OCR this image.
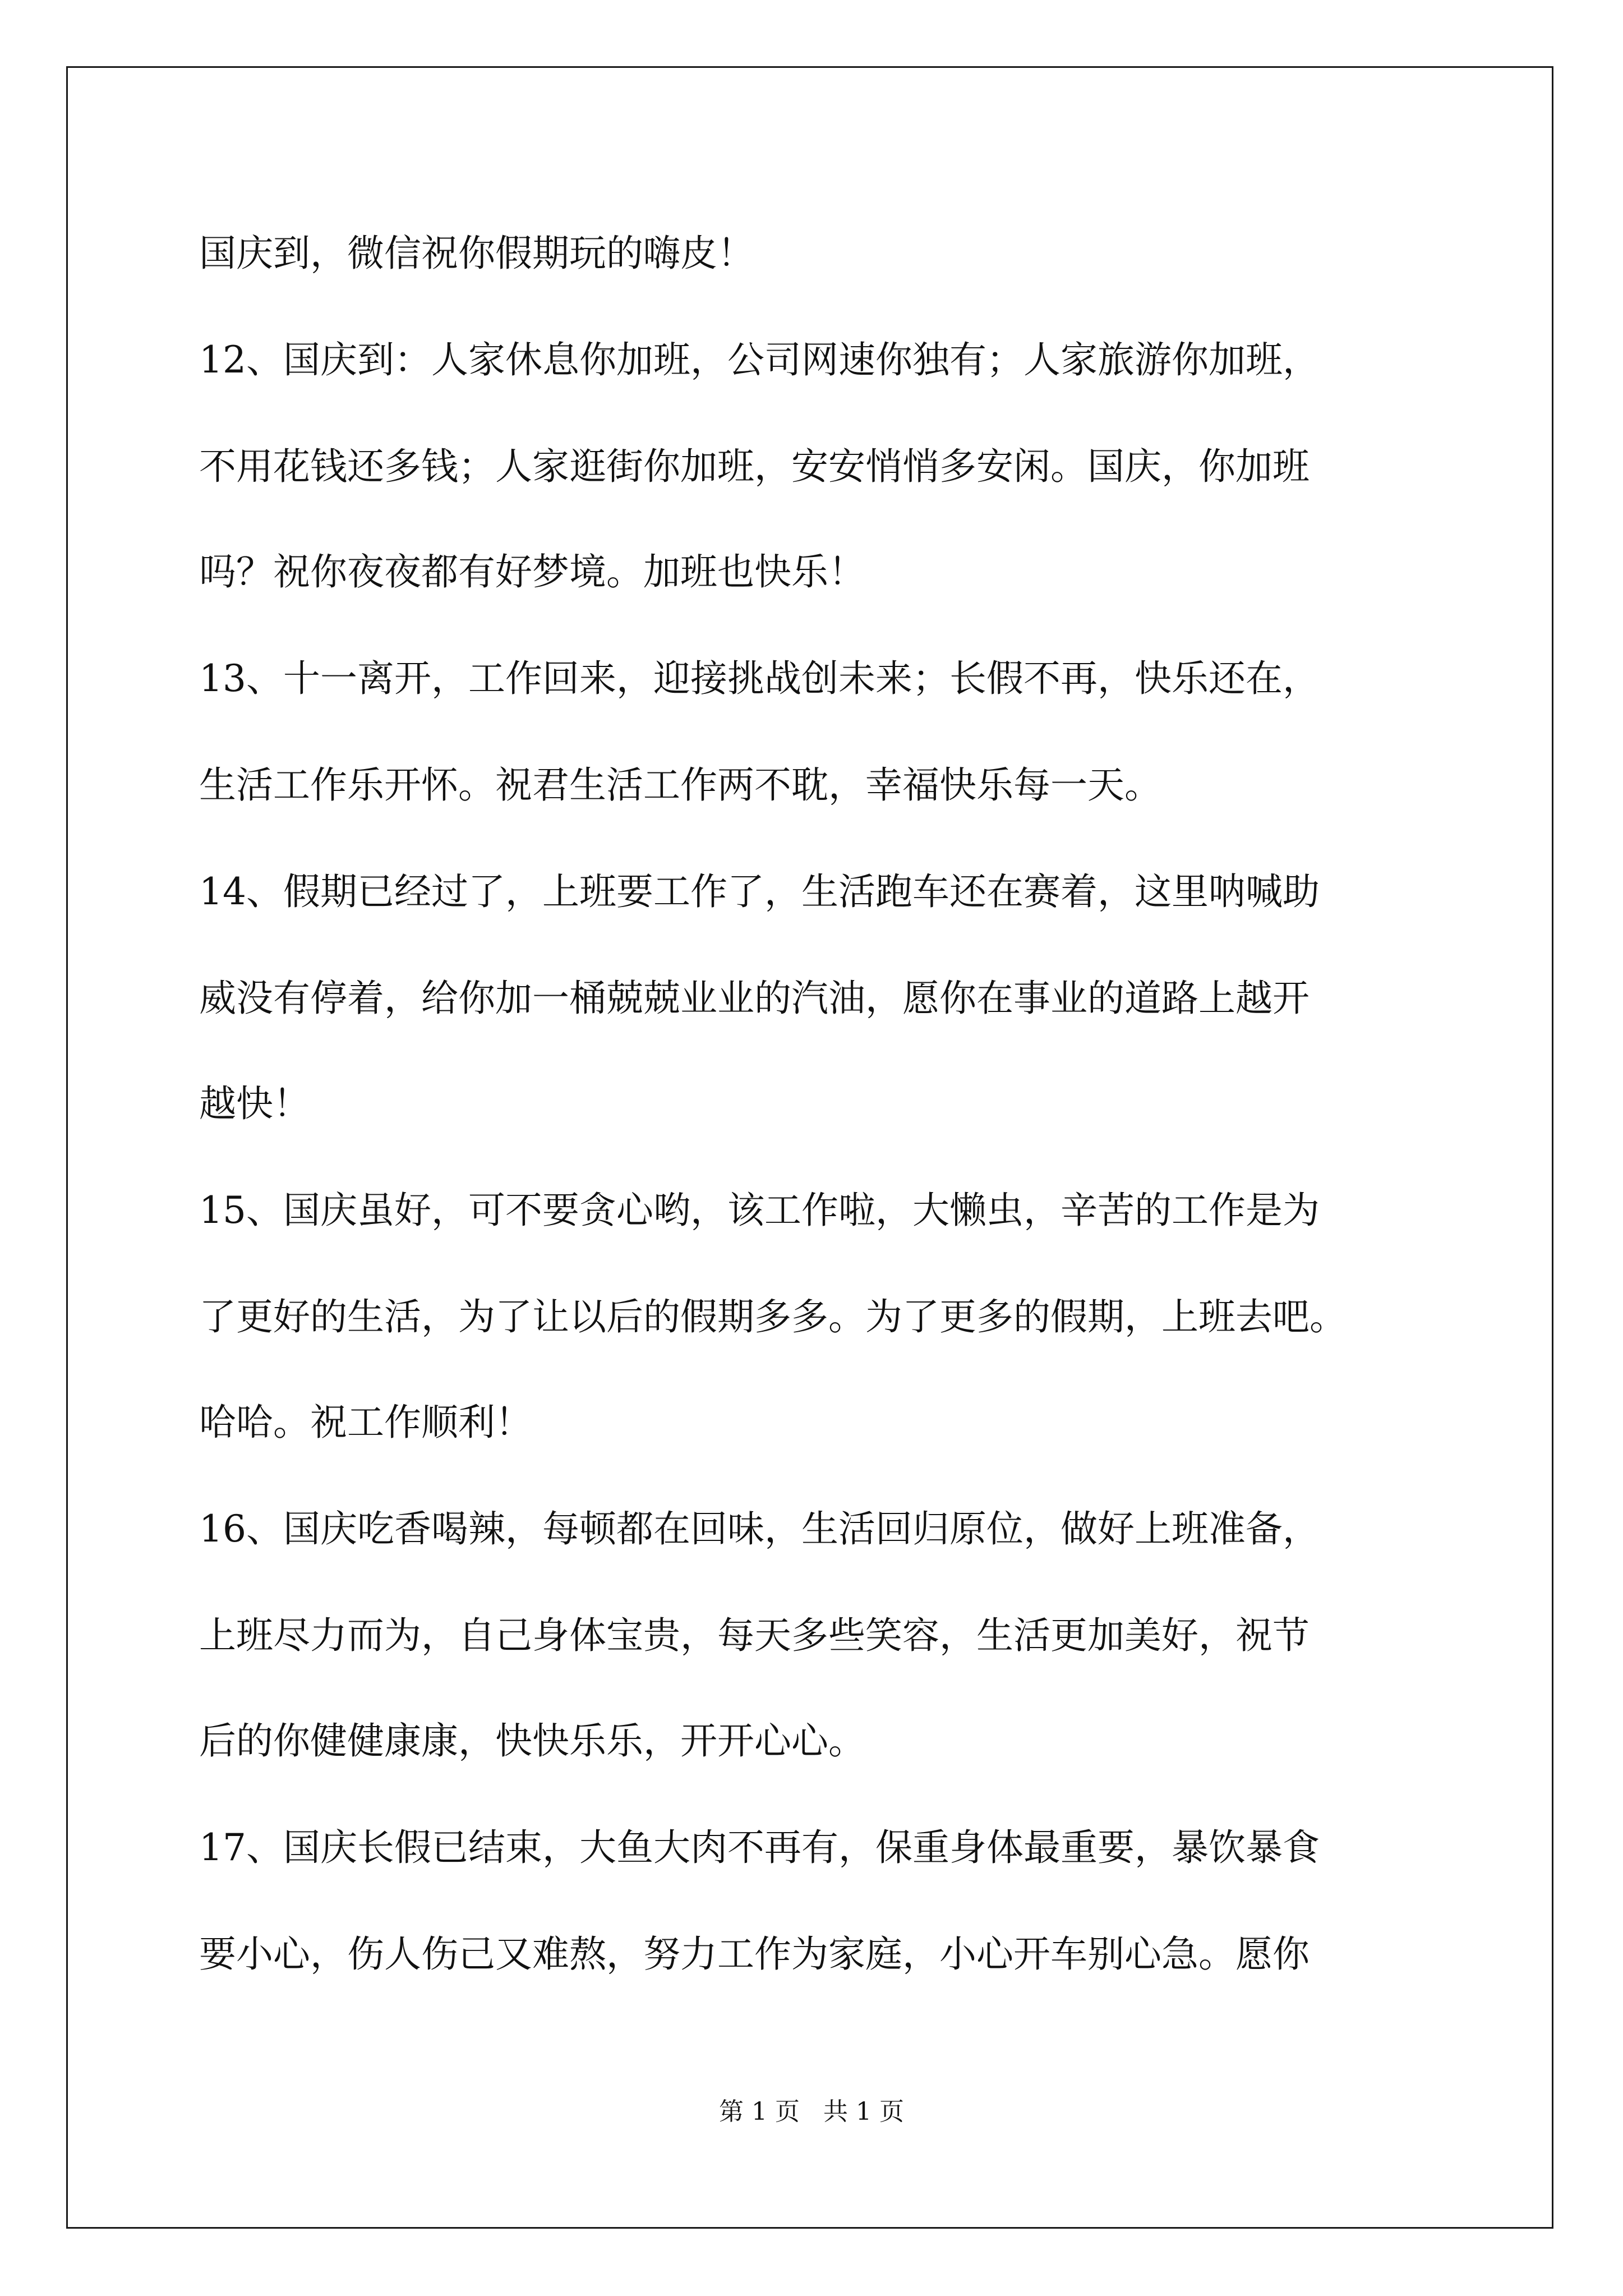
国庆到，微信祝你假期玩的嗨皮！

12、国庆到：人家休息你加班，公司网速你独有；人家旅游你加班，

不用花钱还多钱；人家逛街你加班，安安悄悄多安闲。国庆，你加班

吗？祝你夜夜都有好梦境。加班也快乐！

13、十一离开，工作回来，迎接挑战创未来；长假不再，快乐还在，

生活工作乐开怀。祝君生活工作两不耽，幸福快乐每一天。

14、假期已经过了，上班要工作了，生活跑车还在赛着，这里呐喊助

威没有停着，给你加一桶兢兢业业的汽油，愿你在事业的道路上越开

越快！

15、国庆虽好，可不要贪心哟，该工作啦，大懒虫，辛苦的工作是为

了更好的生活，为了让以后的假期多多。为了更多的假期，上班去吧。

哈哈。祝工作顺利！

16、国庆吃香喝辣，每顿都在回味，生活回归原位，做好上班准备，

上班尽力而为，自己身体宝贵，每天多些笑容，生活更加美好，祝节

后的你健健康康，快快乐乐，开开心心。

17、国庆长假已结束，大鱼大肉不再有，保重身体最重要，暴饮暴食

要小心，伤人伤己又难熬，努力工作为家庭，小心开车别心急。愿你

第 1 页   共 1 页
